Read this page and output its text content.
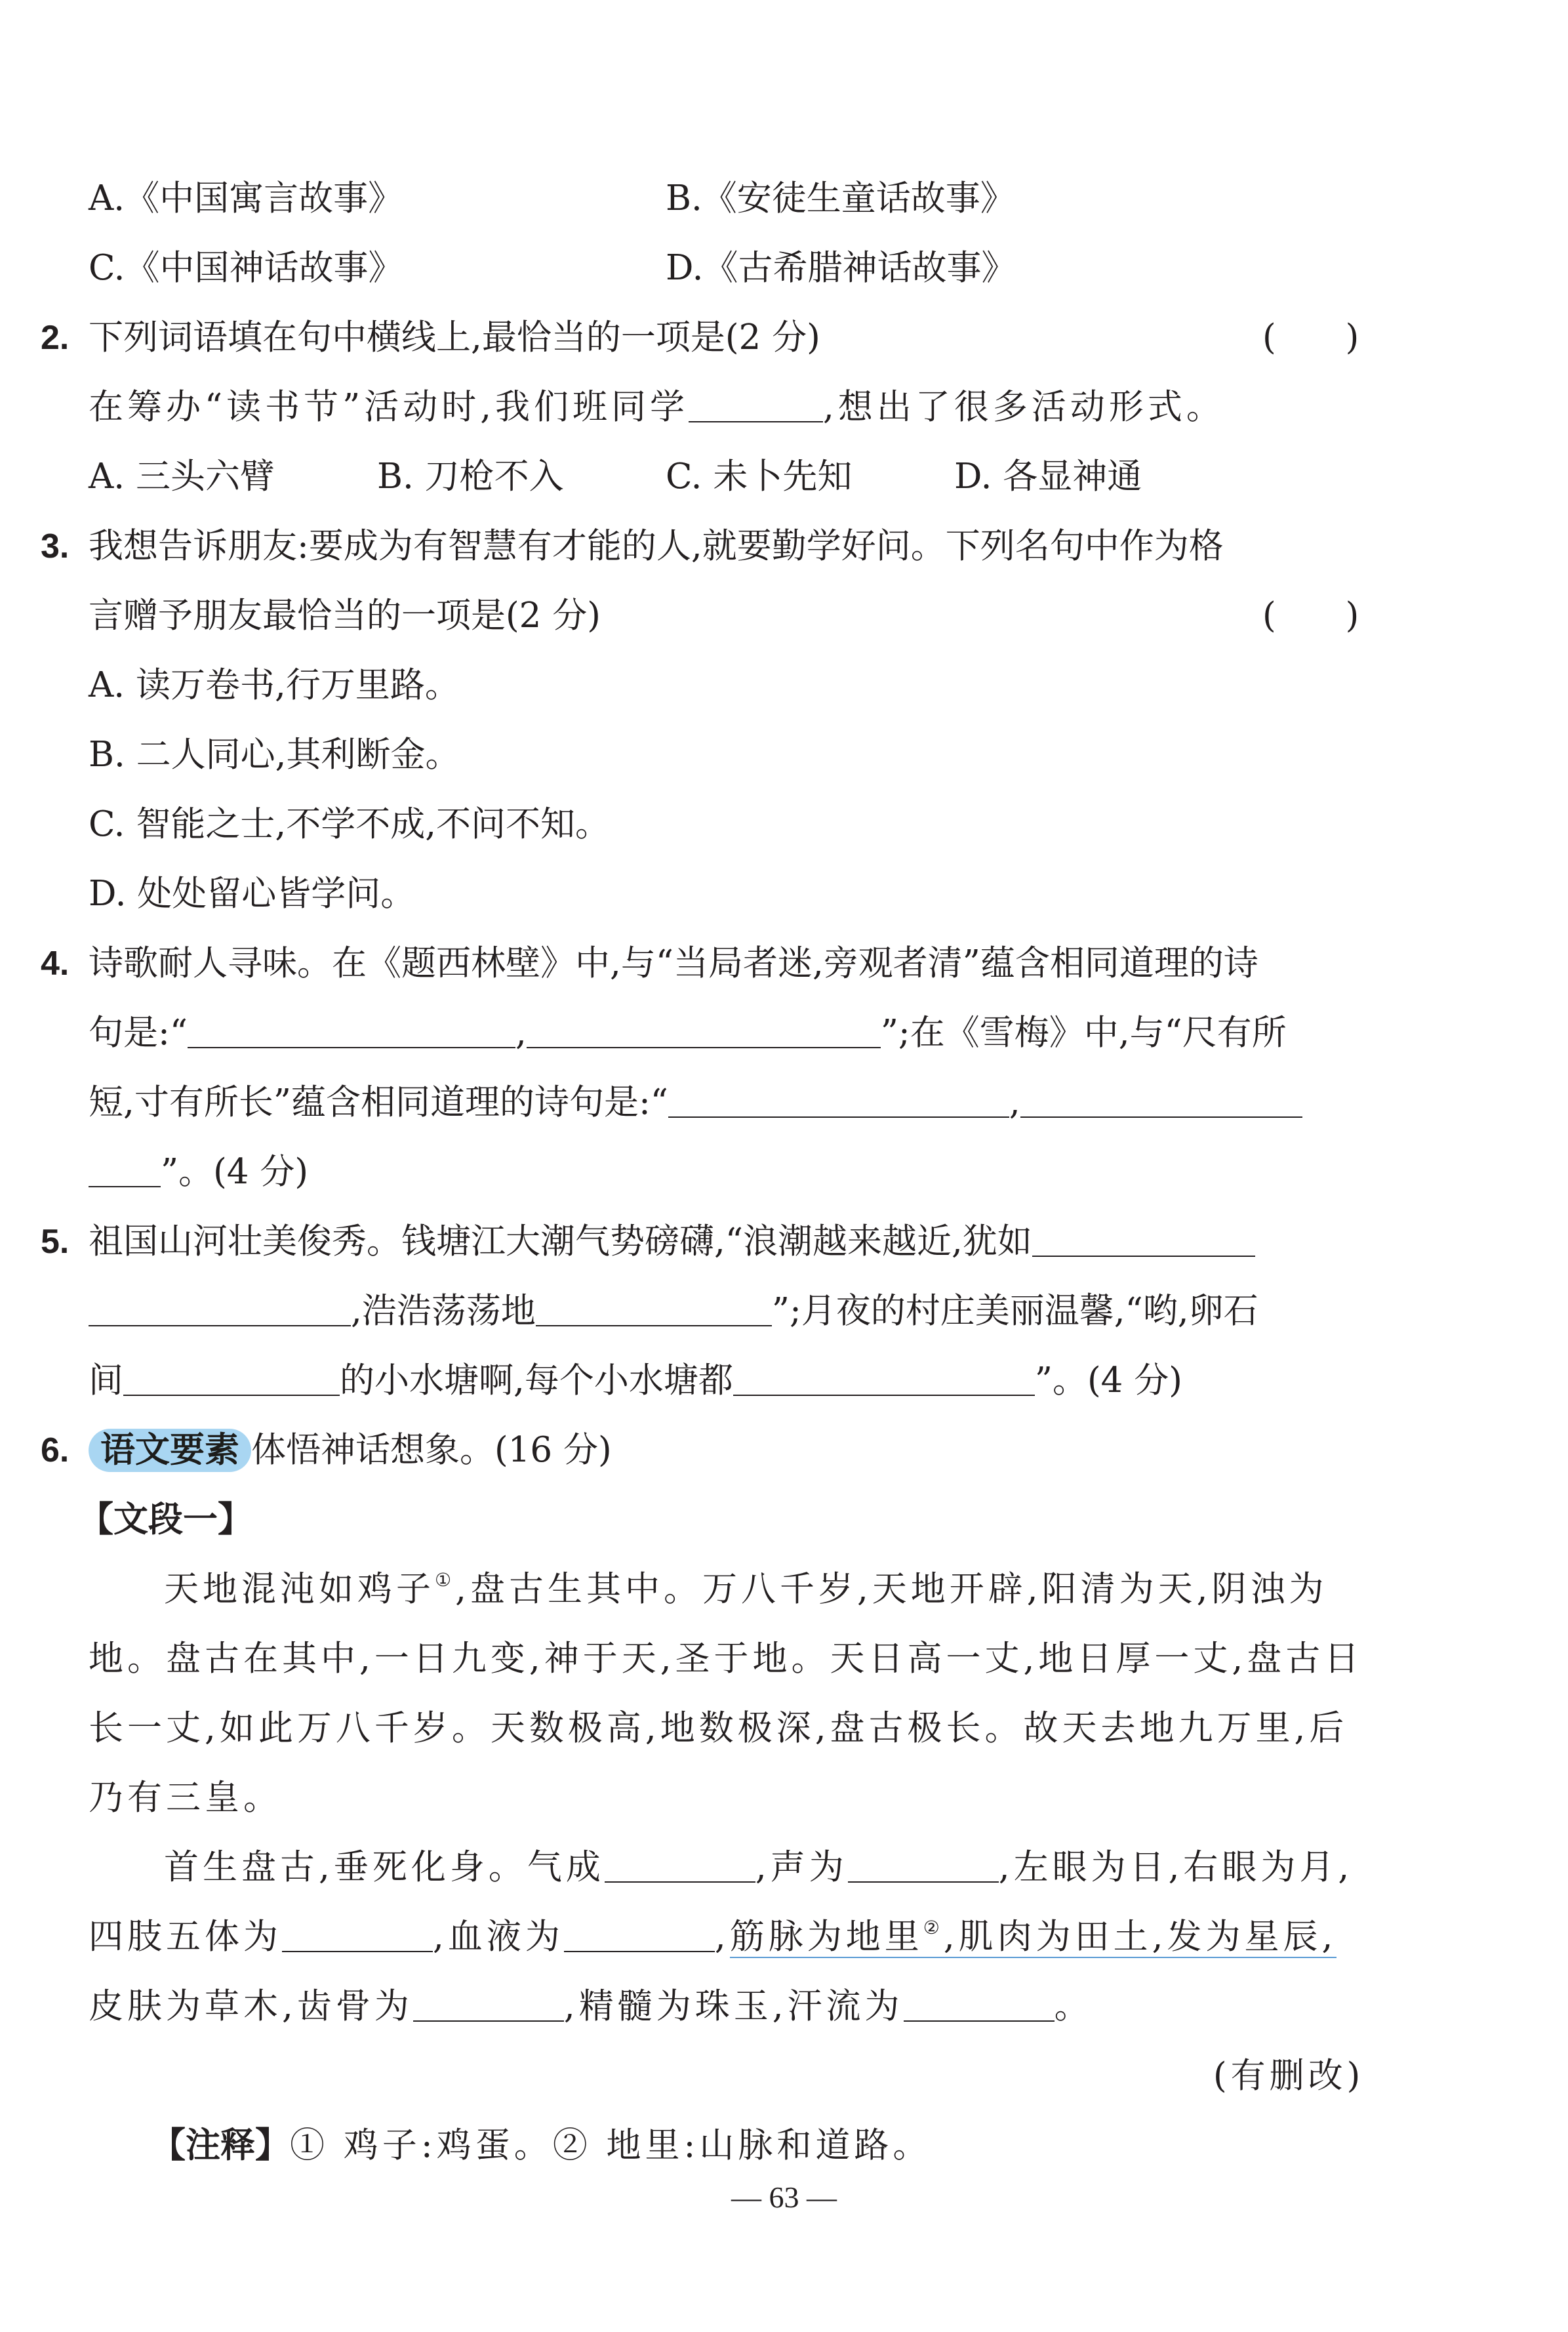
A.《中国寓言故事》	B.《安徒生童话故事》
C.《中国神话故事》	D.《古希腊神话故事》
2. 下列词语填在句中横线上,最恰当的一项是(2 分)	(　　)
在筹办“读书节”活动时,我们班同学	,想出了很多活动形式。
A. 三头六臂	B. 刀枪不入	C. 未卜先知	D. 各显神通
3. 我想告诉朋友:要成为有智慧有才能的人,就要勤学好问。下列名句中作为格
言赠予朋友最恰当的一项是(2 分)	(　　)
A. 读万卷书,行万里路。
B. 二人同心,其利断金。
C. 智能之士,不学不成,不问不知。
D. 处处留心皆学问。
4. 诗歌耐人寻味。在《题西林壁》中,与“当局者迷,旁观者清”蕴含相同道理的诗
句是:“	,	”;在《雪梅》中,与“尺有所
短,寸有所长”蕴含相同道理的诗句是:“	,
”。(4 分)
5. 祖国山河壮美俊秀。钱塘江大潮气势磅礴,“浪潮越来越近,犹如
,浩浩荡荡地	”;月夜的村庄美丽温馨,“哟,卵石
间	的小水塘啊,每个小水塘都	”。(4 分)
6. 语文要素 体悟神话想象。(16 分)
【文段一】
天地混沌如鸡子①,盘古生其中。万八千岁,天地开辟,阳清为天,阴浊为
地。盘古在其中,一日九变,神于天,圣于地。天日高一丈,地日厚一丈,盘古日
长一丈,如此万八千岁。天数极高,地数极深,盘古极长。故天去地九万里,后
乃有三皇。
首生盘古,垂死化身。气成	,声为	,左眼为日,右眼为月,
四肢五体为	,血液为	,筋脉为地里②,肌肉为田土,发为星辰,
皮肤为草木,齿骨为	,精髓为珠玉,汗流为	。
(有删改)
【注释】① 鸡子:鸡蛋。② 地里:山脉和道路。
— 63 —
